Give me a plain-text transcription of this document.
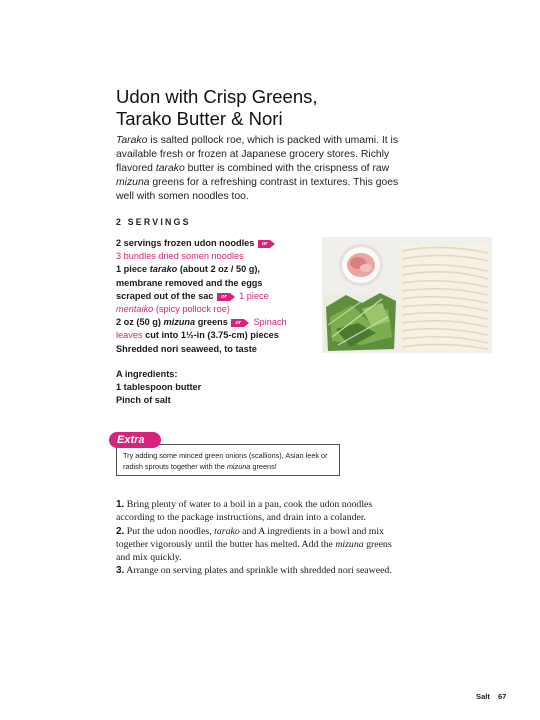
Udon with Crisp Greens,
Tarako Butter & Nori

Tarako is salted pollock roe, which is packed with umami. It is available fresh or frozen at Japanese grocery stores. Richly flavored tarako butter is combined with the crispness of raw mizuna greens for a refreshing contrast in textures. This goes well with somen noodles too.

2 SERVINGS
2 servings frozen udon noodles or
3 bundles dried somen noodles
1 piece tarako (about 2 oz / 50 g),
membrane removed and the eggs
scraped out of the sac or 1 piece
mentaiko (spicy pollock roe)
2 oz (50 g) mizuna greens or Spinach
leaves cut into 1½-in (3.75-cm) pieces
Shredded nori seaweed, to taste
A ingredients:
1 tablespoon butter
Pinch of salt
Try adding some minced green onions (scallions), Asian leek or radish sprouts together with the mizuna greens!
Extra

1. Bring plenty of water to a boil in a pan, cook the udon noodles according to the package instructions, and drain into a colander.

2. Put the udon noodles, tarako and A ingredients in a bowl and mix together vigorously until the butter has melted. Add the mizuna greens and mix quickly.

3. Arrange on serving plates and sprinkle with shredded nori seaweed.

Salt 67
